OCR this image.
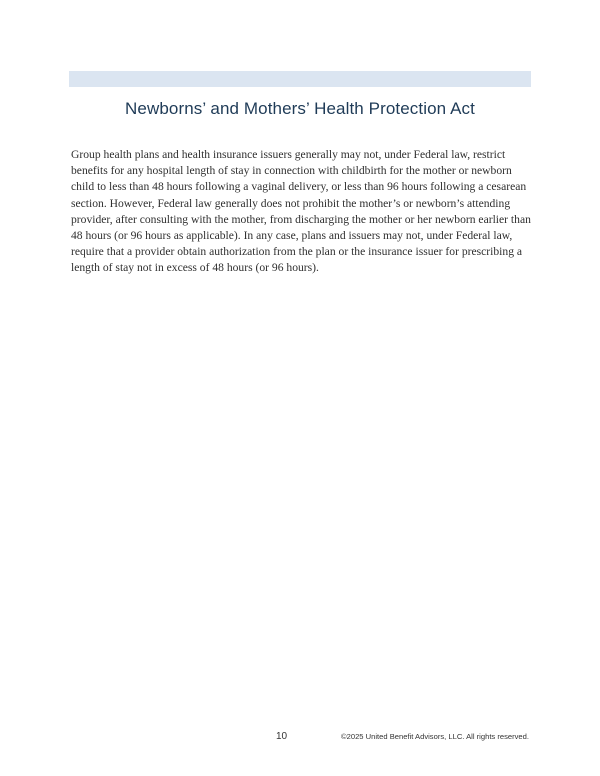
Newborns’ and Mothers’ Health Protection Act

Group health plans and health insurance issuers generally may not, under Federal law, restrict benefits for any hospital length of stay in connection with childbirth for the mother or newborn child to less than 48 hours following a vaginal delivery, or less than 96 hours following a cesarean section. However, Federal law generally does not prohibit the mother’s or newborn’s attending provider, after consulting with the mother, from discharging the mother or her newborn earlier than 48 hours (or 96 hours as applicable). In any case, plans and issuers may not, under Federal law, require that a provider obtain authorization from the plan or the insurance issuer for prescribing a length of stay not in excess of 48 hours (or 96 hours).

10	©2025 United Benefit Advisors, LLC. All rights reserved.
